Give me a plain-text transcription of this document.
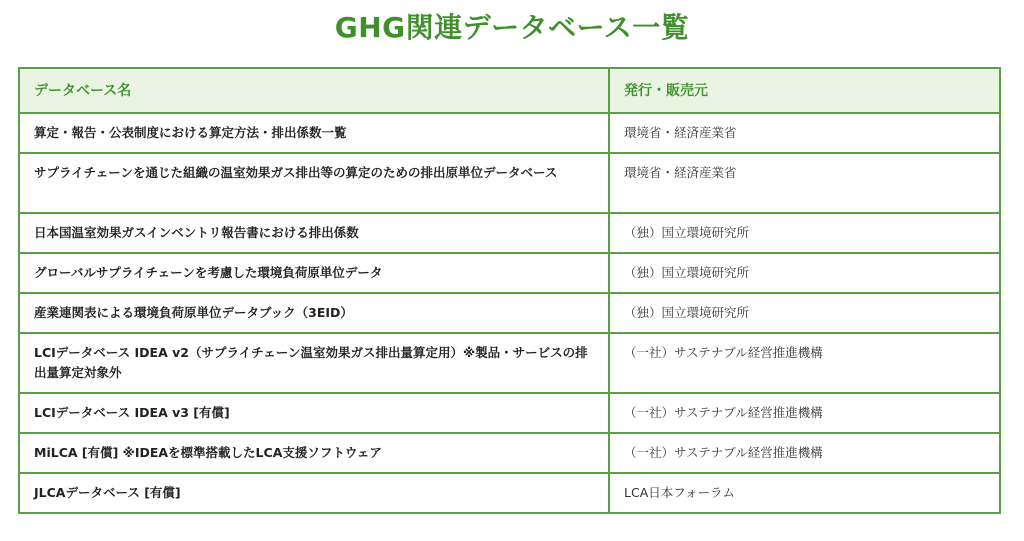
GHG関連データベース一覧
データベース名	発行・販売元
算定・報告・公表制度における算定方法・排出係数一覧	環境省・経済産業省
サプライチェーンを通じた組織の温室効果ガス排出等の算定のための排出原単位データベース	環境省・経済産業省
日本国温室効果ガスインベントリ報告書における排出係数	（独）国立環境研究所
グローバルサプライチェーンを考慮した環境負荷原単位データ	（独）国立環境研究所
産業連関表による環境負荷原単位データブック（3EID）	（独）国立環境研究所
LCIデータベース IDEA v2（サプライチェーン温室効果ガス排出量算定用）※製品・サービスの排出量算定対象外	（一社）サステナブル経営推進機構
LCIデータベース IDEA v3 [有償]	（一社）サステナブル経営推進機構
MiLCA [有償] ※IDEAを標準搭載したLCA支援ソフトウェア	（一社）サステナブル経営推進機構
JLCAデータベース [有償]	LCA日本フォーラム
